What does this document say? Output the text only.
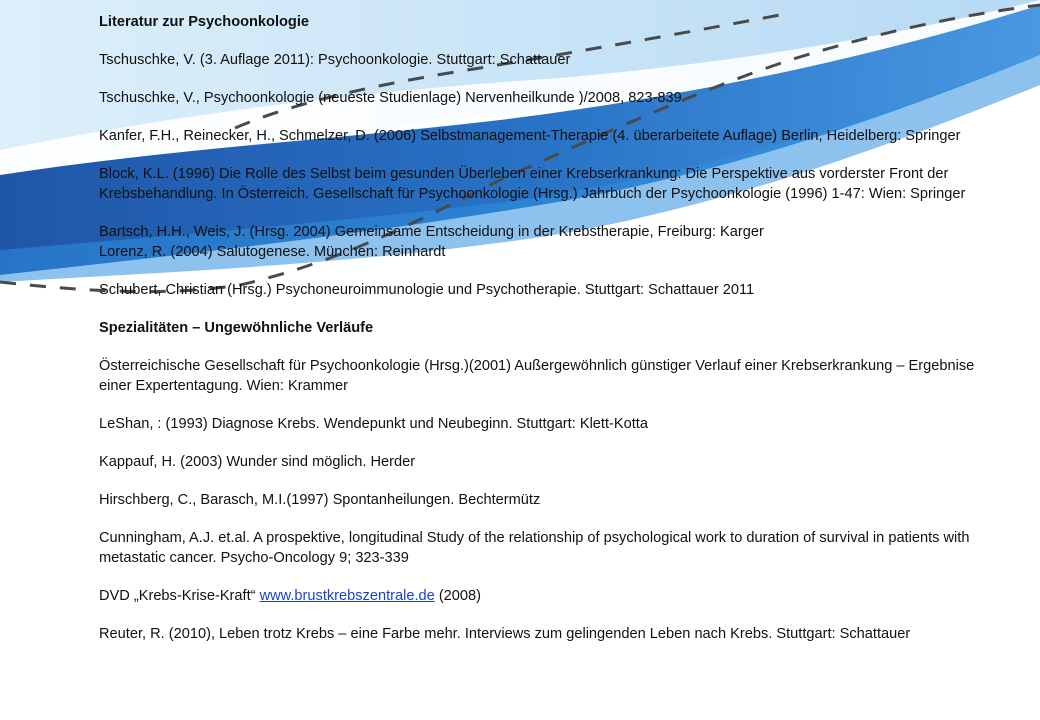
Literatur zur Psychoonkologie
Tschuschke, V. (3. Auflage 2011): Psychoonkologie. Stuttgart: Schattauer
Tschuschke, V., Psychoonkologie (neueste Studienlage) Nervenheilkunde )/2008, 823-839
Kanfer, F.H., Reinecker, H., Schmelzer, D. (2006) Selbstmanagement-Therapie (4. überarbeitete Auflage) Berlin, Heidelberg: Springer
Block, K.L. (1996) Die Rolle des Selbst beim gesunden Überleben einer Krebserkrankung: Die Perspektive aus vorderster Front der Krebsbehandlung. In Österreich. Gesellschaft für Psychoonkologie (Hrsg.) Jahrbuch der Psychoonkologie (1996) 1-47: Wien: Springer
Bartsch, H.H., Weis, J. (Hrsg. 2004) Gemeinsame Entscheidung in der Krebstherapie, Freiburg: Karger
Lorenz, R. (2004) Salutogenese. München: Reinhardt
Schubert, Christian (Hrsg.) Psychoneuroimmunologie und Psychotherapie. Stuttgart: Schattauer 2011
Spezialitäten – Ungewöhnliche Verläufe
Österreichische Gesellschaft für Psychoonkologie (Hrsg.)(2001) Außergewöhnlich günstiger Verlauf einer Krebserkrankung – Ergebnise einer Expertentagung. Wien: Krammer
LeShan, : (1993) Diagnose Krebs. Wendepunkt und Neubeginn. Stuttgart: Klett-Kotta
Kappauf, H. (2003) Wunder sind möglich. Herder
Hirschberg, C., Barasch, M.I.(1997) Spontanheilungen. Bechtermütz
Cunningham, A.J. et.al. A prospektive, longitudinal Study of the relationship of psychological work to duration of survival in patients with metastatic cancer. Psycho-Oncology 9; 323-339
DVD „Krebs-Krise-Kraft“ www.brustkrebszentrale.de (2008)
Reuter, R. (2010), Leben trotz Krebs – eine Farbe mehr. Interviews zum gelingenden Leben nach Krebs. Stuttgart: Schattauer
